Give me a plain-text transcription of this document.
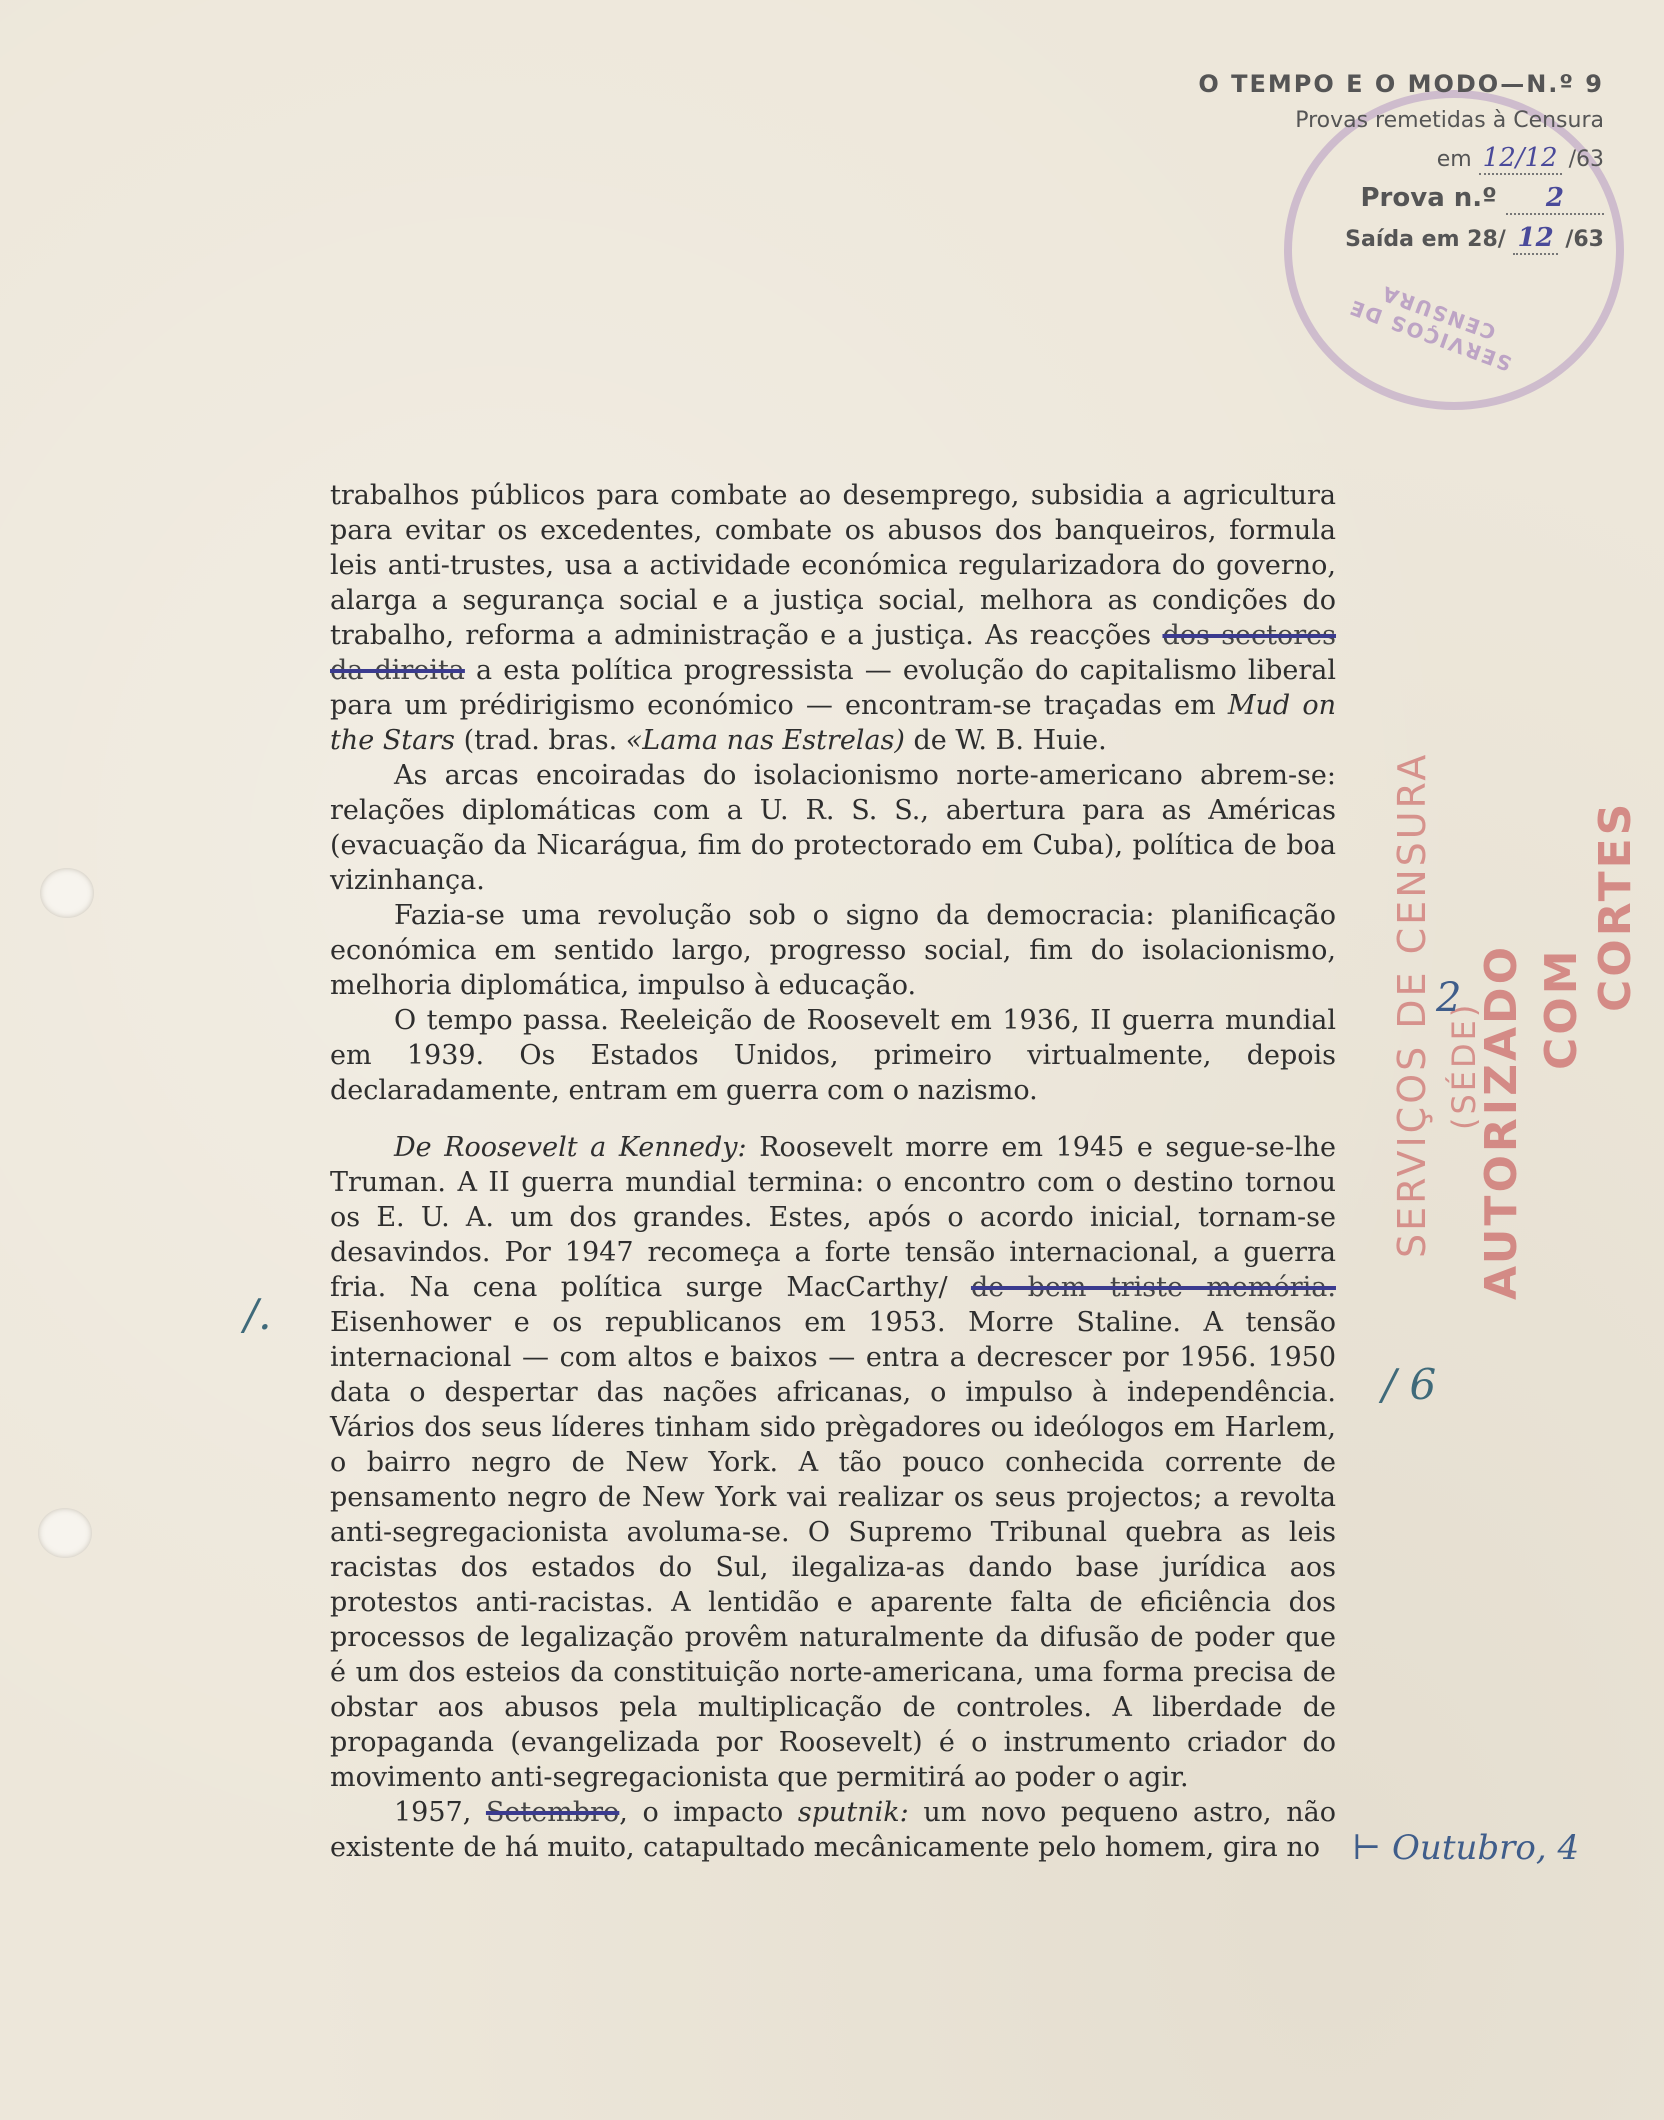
SERVIÇOS DE CENSURA
O TEMPO E O MODO—N.º 9
Provas remetidas à Censura
em 12/12 /63
Prova n.º 2
Saída em 28/ 12 /63

trabalhos públicos para combate ao desemprego, subsidia a agricultura para evitar os excedentes, combate os abusos dos banqueiros, formula leis anti-trustes, usa a actividade económica regularizadora do governo, alarga a segurança social e a justiça social, melhora as condições do trabalho, reforma a administração e a justiça. As reacções dos sectores da direita a esta política progressista — evolução do capitalismo liberal para um prédirigismo económico — encontram-se traçadas em Mud on the Stars (trad. bras. «Lama nas Estrelas) de W. B. Huie.

As arcas encoiradas do isolacionismo norte-americano abrem-se: relações diplomáticas com a U. R. S. S., abertura para as Américas (evacuação da Nicarágua, fim do protectorado em Cuba), política de boa vizinhança.

Fazia-se uma revolução sob o signo da democracia: planificação económica em sentido largo, progresso social, fim do isolacionismo, melhoria diplomática, impulso à educação.

O tempo passa. Reeleição de Roosevelt em 1936, II guerra mundial em 1939. Os Estados Unidos, primeiro virtualmente, depois declaradamente, entram em guerra com o nazismo.

De Roosevelt a Kennedy: Roosevelt morre em 1945 e segue-se-lhe Truman. A II guerra mundial termina: o encontro com o destino tornou os E. U. A. um dos grandes. Estes, após o acordo inicial, tornam-se desavindos. Por 1947 recomeça a forte tensão internacional, a guerra fria. Na cena política surge MacCarthy/ de bem triste memória. Eisenhower e os republicanos em 1953. Morre Staline. A tensão internacional — com altos e baixos — entra a decrescer por 1956. 1950 data o despertar das nações africanas, o impulso à independência. Vários dos seus líderes tinham sido prègadores ou ideólogos em Harlem, o bairro negro de New York. A tão pouco conhecida corrente de pensamento negro de New York vai realizar os seus projectos; a revolta anti-segregacionista avoluma-se. O Supremo Tribunal quebra as leis racistas dos estados do Sul, ilegaliza-as dando base jurídica aos protestos anti-racistas. A lentidão e aparente falta de eficiência dos processos de legalização provêm naturalmente da difusão de poder que é um dos esteios da constituição norte-americana, uma forma precisa de obstar aos abusos pela multiplicação de controles. A liberdade de propaganda (evangelizada por Roosevelt) é o instrumento criador do movimento anti-segregacionista que permitirá ao poder o agir.

1957, Setembro, o impacto sputnik: um novo pequeno astro, não existente de há muito, catapultado mecânicamente pelo homem, gira no

SERVIÇOS DE CENSURA (SÉDE)
AUTORIZADO COM CORTES
2
/.
/ 6
⊢ Outubro, 4
